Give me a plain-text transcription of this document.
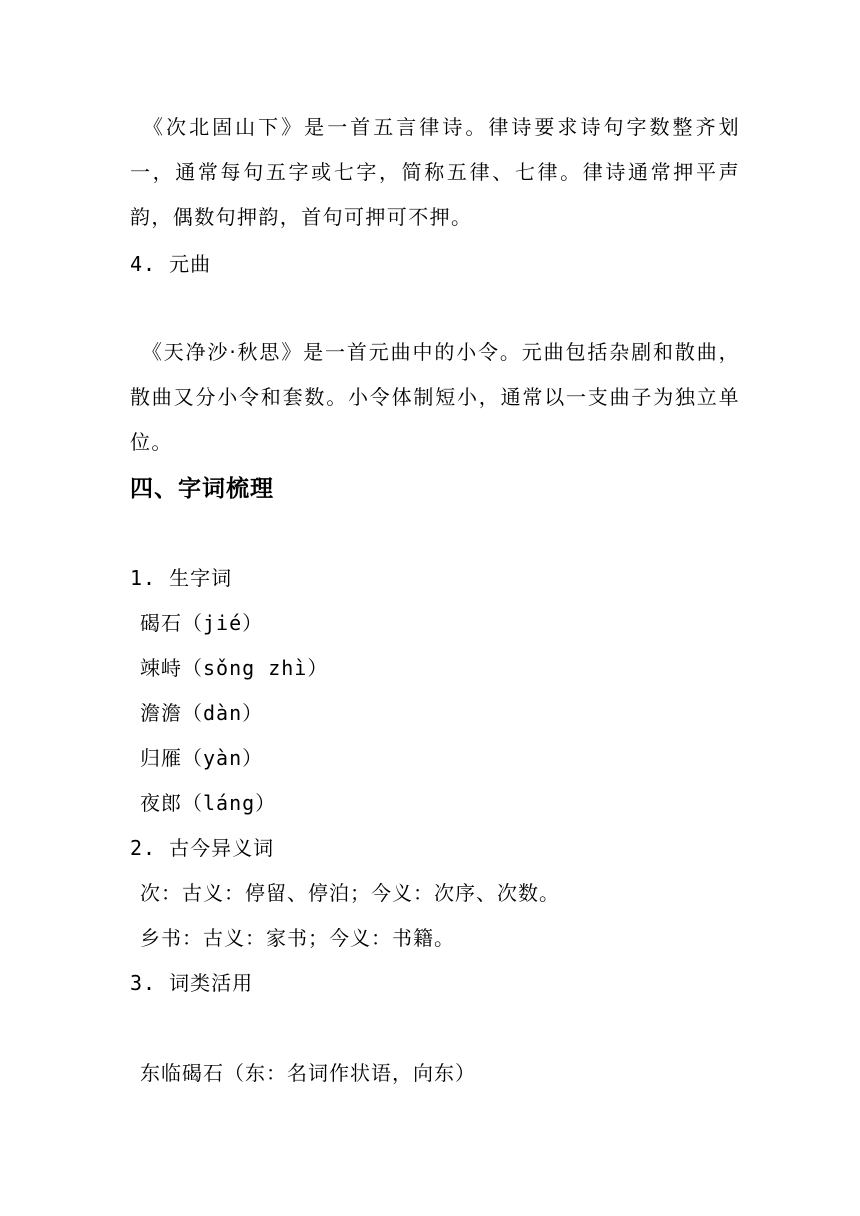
　《次北固山下》是一首五言律诗。律诗要求诗句字数整齐划一，通常每句五字或七字，简称五律、七律。律诗通常押平声韵，偶数句押韵，首句可押可不押。
4. 元曲
　《天净沙·秋思》是一首元曲中的小令。元曲包括杂剧和散曲，散曲又分小令和套数。小令体制短小，通常以一支曲子为独立单位。
四、字词梳理
1. 生字词
碣石（jié）
竦峙（sǒng zhì）
澹澹（dàn）
归雁（yàn）
夜郎（láng）
2. 古今异义词
次：古义：停留、停泊；今义：次序、次数。
乡书：古义：家书；今义：书籍。
3. 词类活用
东临碣石（东：名词作状语，向东）
